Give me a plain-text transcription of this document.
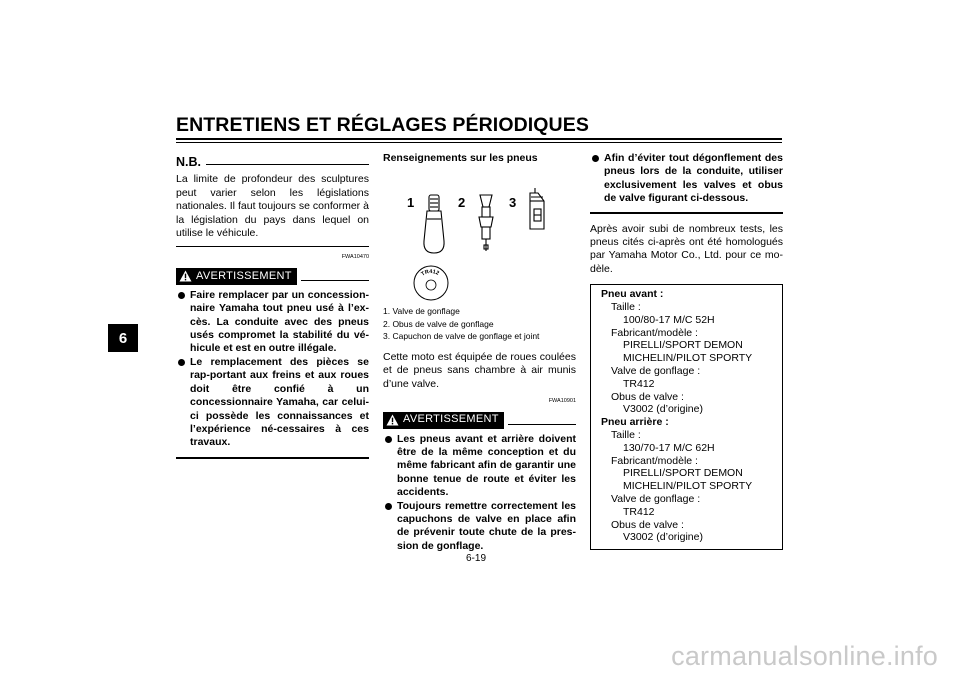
ENTRETIENS ET RÉGLAGES PÉRIODIQUES
6
N.B.
La limite de profondeur des sculptures peut varier selon les législations nationales. Il faut toujours se conformer à la législation du pays dans lequel on utilise le véhicule.
FWA10470
AVERTISSEMENT
Faire remplacer par un concession-naire Yamaha tout pneu usé à l’ex-cès. La conduite avec des pneus usés compromet la stabilité du vé-hicule et est en outre illégale.
Le remplacement des pièces se rap-portant aux freins et aux roues doit être confié à un concessionnaire Yamaha, car celui-ci possède les connaissances et l’expérience né-cessaires à ces travaux.
Renseignements sur les pneus
1	2	3
TR412
1. Valve de gonflage
2. Obus de valve de gonflage
3. Capuchon de valve de gonflage et joint
Cette moto est équipée de roues coulées et de pneus sans chambre à air munis d’une valve.
FWA10901
AVERTISSEMENT
Les pneus avant et arrière doivent être de la même conception et du même fabricant afin de garantir une bonne tenue de route et éviter les accidents.
Toujours remettre correctement les capuchons de valve en place afin de prévenir toute chute de la pres-sion de gonflage.
Afin d’éviter tout dégonflement des pneus lors de la conduite, utiliser exclusivement les valves et obus de valve figurant ci-dessous.
Après avoir subi de nombreux tests, les pneus cités ci-après ont été homologués par Yamaha Motor Co., Ltd. pour ce mo-dèle.
Pneu avant :
Taille :
100/80-17 M/C 52H
Fabricant/modèle :
PIRELLI/SPORT DEMON
MICHELIN/PILOT SPORTY
Valve de gonflage :
TR412
Obus de valve :
V3002 (d’origine)
Pneu arrière :
Taille :
130/70-17 M/C 62H
Fabricant/modèle :
PIRELLI/SPORT DEMON
MICHELIN/PILOT SPORTY
Valve de gonflage :
TR412
Obus de valve :
V3002 (d’origine)
6-19
carmanualsonline.info
